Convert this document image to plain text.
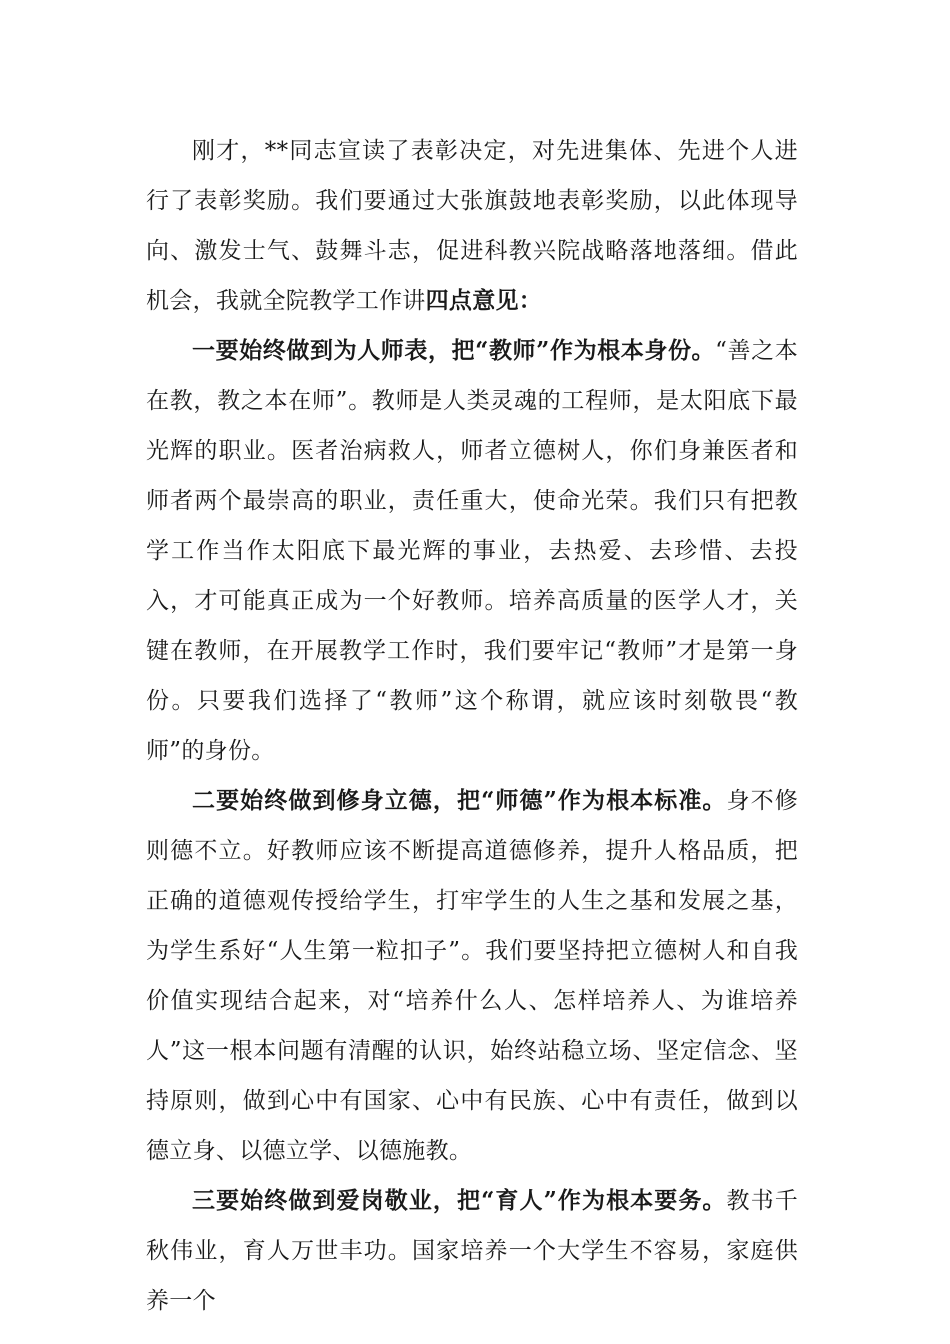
刚才，**同志宣读了表彰决定，对先进集体、先进个人进行了表彰奖励。我们要通过大张旗鼓地表彰奖励，以此体现导向、激发士气、鼓舞斗志，促进科教兴院战略落地落细。借此机会，我就全院教学工作讲四点意见：

一要始终做到为人师表，把“教师”作为根本身份。“善之本在教，教之本在师”。教师是人类灵魂的工程师，是太阳底下最光辉的职业。医者治病救人，师者立德树人，你们身兼医者和师者两个最崇高的职业，责任重大，使命光荣。我们只有把教学工作当作太阳底下最光辉的事业，去热爱、去珍惜、去投入，才可能真正成为一个好教师。培养高质量的医学人才，关键在教师，在开展教学工作时，我们要牢记“教师”才是第一身份。只要我们选择了“教师”这个称谓，就应该时刻敬畏“教师”的身份。

二要始终做到修身立德，把“师德”作为根本标准。身不修则德不立。好教师应该不断提高道德修养，提升人格品质，把正确的道德观传授给学生，打牢学生的人生之基和发展之基，为学生系好“人生第一粒扣子”。我们要坚持把立德树人和自我价值实现结合起来，对“培养什么人、怎样培养人、为谁培养人”这一根本问题有清醒的认识，始终站稳立场、坚定信念、坚持原则，做到心中有国家、心中有民族、心中有责任，做到以德立身、以德立学、以德施教。

三要始终做到爱岗敬业，把“育人”作为根本要务。教书千秋伟业，育人万世丰功。国家培养一个大学生不容易，家庭供养一个
